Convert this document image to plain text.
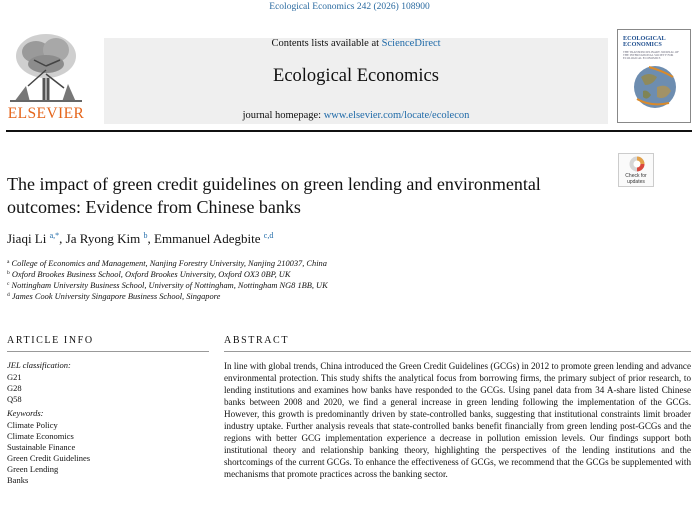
Ecological Economics 242 (2026) 108900
ELSEVIER
Contents lists available at ScienceDirect
Ecological Economics
journal homepage: www.elsevier.com/locate/ecolecon
ECOLOGICAL ECONOMICS
THE TRANSDISCIPLINARY JOURNAL OF THE INTERNATIONAL SOCIETY FOR ECOLOGICAL ECONOMICS
Check for updates
The impact of green credit guidelines on green lending and environmental outcomes: Evidence from Chinese banks
Jiaqi Li $^{a,*}$, Ja Ryong Kim $^b$, Emmanuel Adegbite $^{c,d}$
$^a$ College of Economics and Management, Nanjing Forestry University, Nanjing 210037, China
$^b$ Oxford Brookes Business School, Oxford Brookes University, Oxford OX3 0BP, UK
$^c$ Nottingham University Business School, University of Nottingham, Nottingham NG8 1BB, UK
$^d$ James Cook University Singapore Business School, Singapore
ARTICLE INFO
JEL classification:
G21
G28
Q58
Keywords:
Climate Policy
Climate Economics
Sustainable Finance
Green Credit Guidelines
Green Lending
Banks
ABSTRACT
In line with global trends, China introduced the Green Credit Guidelines (GCGs) in 2012 to promote green lending and advance environmental protection. This study shifts the analytical focus from borrowing firms, the primary subject of prior research, to lending institutions and examines how banks have responded to the GCGs. Using panel data from 34 A-share listed Chinese banks between 2008 and 2020, we find a general increase in green lending following the implementation of the GCGs. However, this growth is predominantly driven by state-controlled banks, suggesting that institutional constraints limit broader industry uptake. Further analysis reveals that state-controlled banks benefit financially from green lending post-GCGs and the regions with better GCG implementation experience a decrease in pollution emission levels. Our findings support both institutional theory and relationship banking theory, highlighting the perspectives of the lending institutions and the shortcomings of the current GCGs. To enhance the effectiveness of GCGs, we recommend that the GCGs be supplemented with mechanisms that promote practices across the banking sector.
